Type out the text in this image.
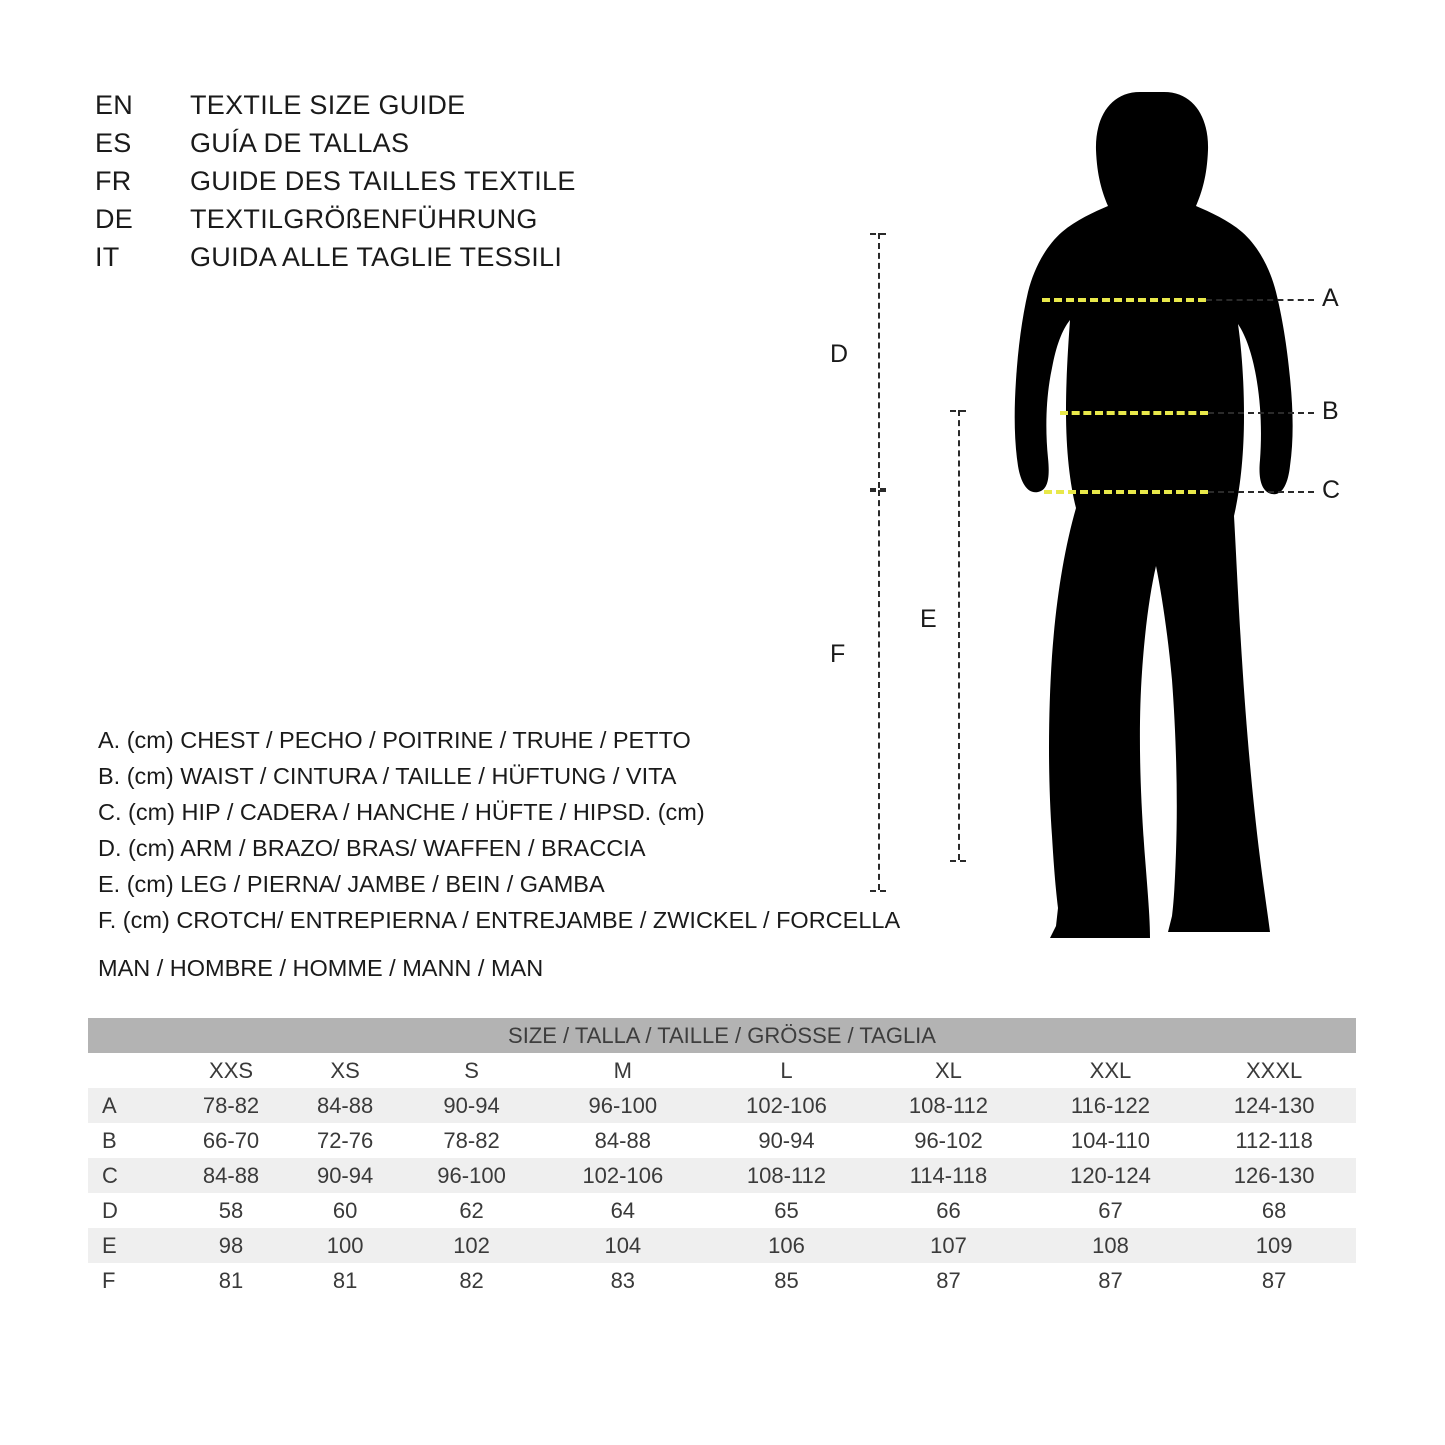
EN	TEXTILE SIZE GUIDE
ES	GUÍA DE TALLAS
FR	GUIDE DES TAILLES TEXTILE
DE	TEXTILGRÖßENFÜHRUNG
IT	GUIDA ALLE TAGLIE TESSILI
A
B
C
D
E
F
A. (cm) CHEST / PECHO / POITRINE / TRUHE / PETTO
B. (cm) WAIST / CINTURA / TAILLE / HÜFTUNG / VITA
C. (cm) HIP / CADERA / HANCHE / HÜFTE / HIPSD. (cm)
D. (cm) ARM / BRAZO/ BRAS/ WAFFEN / BRACCIA
E. (cm) LEG / PIERNA/ JAMBE / BEIN / GAMBA
F. (cm) CROTCH/ ENTREPIERNA / ENTREJAMBE / ZWICKEL / FORCELLA
MAN / HOMBRE / HOMME / MANN / MAN
SIZE / TALLA / TAILLE / GRÖSSE / TAGLIA								
	XXS	XS	S	M	L	XL	XXL	XXXL
A	78-82	84-88	90-94	96-100	102-106	108-112	116-122	124-130
B	66-70	72-76	78-82	84-88	90-94	96-102	104-110	112-118
C	84-88	90-94	96-100	102-106	108-112	114-118	120-124	126-130
D	58	60	62	64	65	66	67	68
E	98	100	102	104	106	107	108	109
F	81	81	82	83	85	87	87	87
